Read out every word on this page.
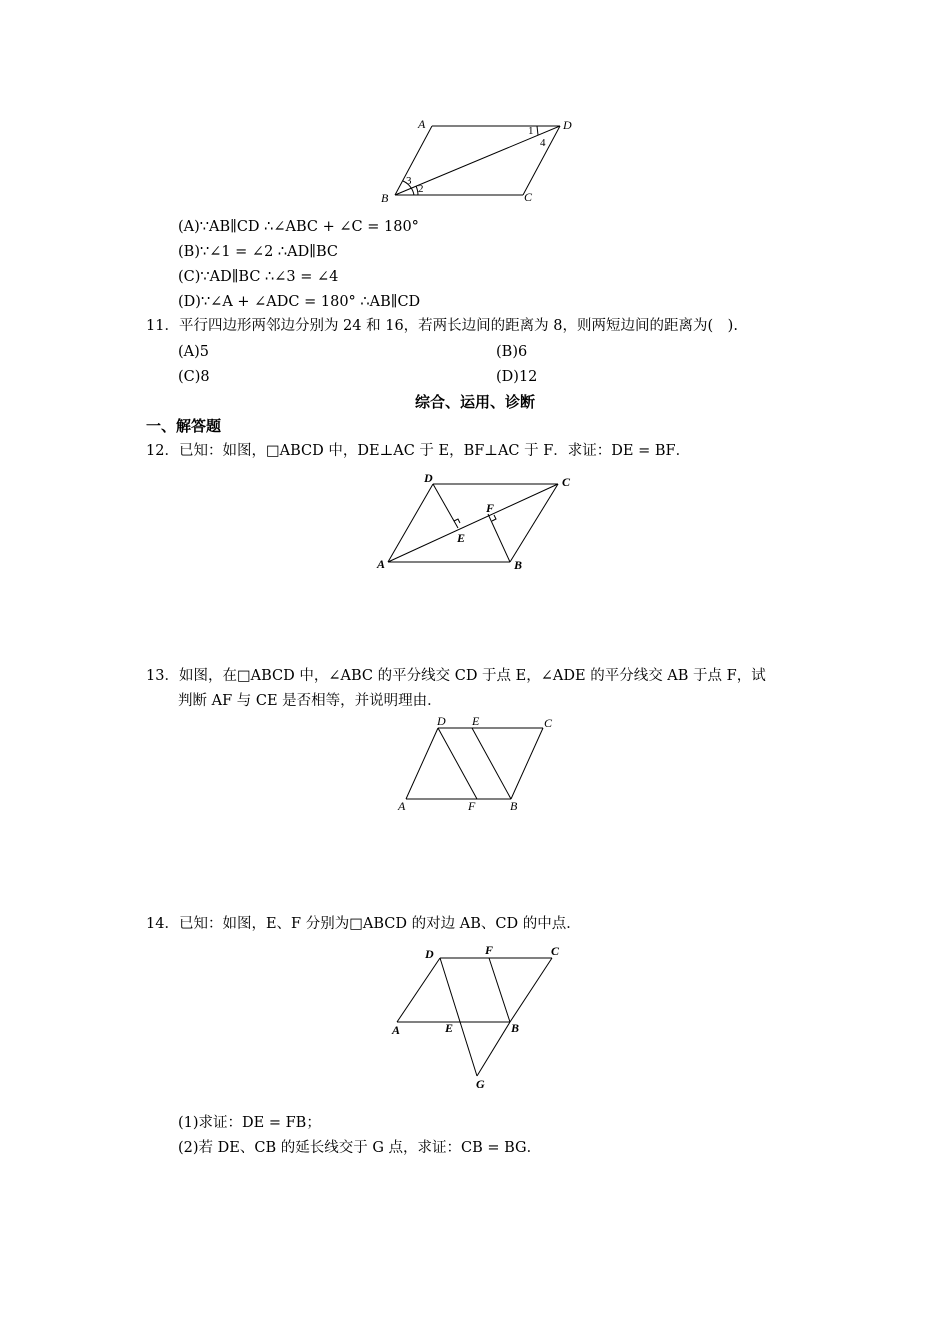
A	D
B	C
1
4
3
2
(A)∵AB∥CD ∴∠ABC + ∠C = 180°
(B)∵∠1 = ∠2 ∴AD∥BC
(C)∵AD∥BC ∴∠3 = ∠4
(D)∵∠A + ∠ADC = 180° ∴AB∥CD
11．平行四边形两邻边分别为 24 和 16，若两长边间的距离为 8，则两短边间的距离为(　).
(A)5	(B)6
(C)8	(D)12
综合、运用、诊断
一、解答题
12．已知：如图，□ABCD 中，DE⊥AC 于 E，BF⊥AC 于 F．求证：DE = BF．
D	C
F
E
A	B
13．如图，在□ABCD 中，∠ABC 的平分线交 CD 于点 E，∠ADE 的平分线交 AB 于点 F，试
判断 AF 与 CE 是否相等，并说明理由．
D E	C
A	F	B
14．已知：如图，E、F 分别为□ABCD 的对边 AB、CD 的中点．
D	F	C
A	E	B
G
(1)求证：DE = FB；
(2)若 DE、CB 的延长线交于 G 点，求证：CB = BG．
